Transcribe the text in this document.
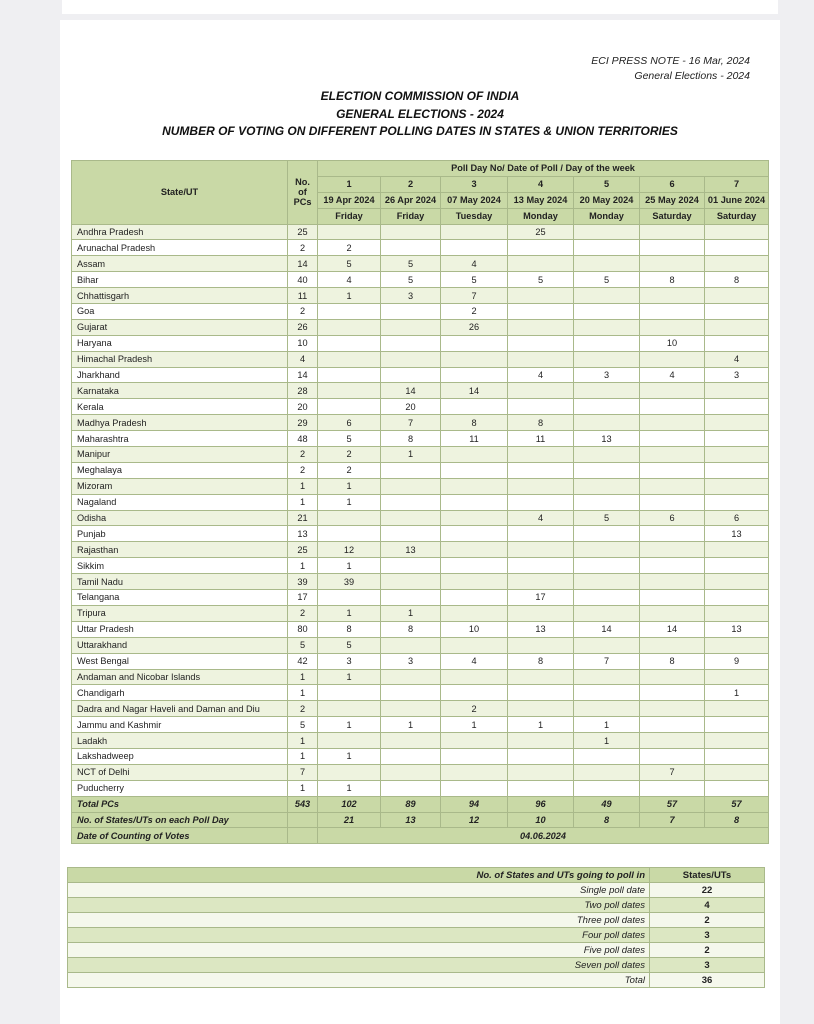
ECI PRESS NOTE - 16 Mar, 2024
General Elections - 2024
ELECTION COMMISSION OF INDIA
GENERAL ELECTIONS - 2024
NUMBER OF VOTING ON DIFFERENT POLLING DATES IN STATES & UNION TERRITORIES
State/UT	No.
of
PCs	Poll Day No/ Date of Poll / Day of the week						
		1	2	3	4	5	6	7
		19 Apr 2024	26 Apr 2024	07 May 2024	13 May 2024	20 May 2024	25 May 2024	01 June 2024
		Friday	Friday	Tuesday	Monday	Monday	Saturday	Saturday
Andhra Pradesh	25				25			
Arunachal Pradesh	2	2						
Assam	14	5	5	4				
Bihar	40	4	5	5	5	5	8	8
Chhattisgarh	11	1	3	7				
Goa	2			2				
Gujarat	26			26				
Haryana	10						10	
Himachal Pradesh	4							4
Jharkhand	14				4	3	4	3
Karnataka	28		14	14				
Kerala	20		20					
Madhya Pradesh	29	6	7	8	8			
Maharashtra	48	5	8	11	11	13		
Manipur	2	2	1					
Meghalaya	2	2						
Mizoram	1	1						
Nagaland	1	1						
Odisha	21				4	5	6	6
Punjab	13							13
Rajasthan	25	12	13					
Sikkim	1	1						
Tamil Nadu	39	39						
Telangana	17				17			
Tripura	2	1	1					
Uttar Pradesh	80	8	8	10	13	14	14	13
Uttarakhand	5	5						
West Bengal	42	3	3	4	8	7	8	9
Andaman and Nicobar Islands	1	1						
Chandigarh	1							1
Dadra and Nagar Haveli and Daman and Diu	2			2				
Jammu and Kashmir	5	1	1	1	1	1		
Ladakh	1					1		
Lakshadweep	1	1						
NCT of Delhi	7						7	
Puducherry	1	1						
Total PCs	543	102	89	94	96	49	57	57
No. of States/UTs on each Poll Day		21	13	12	10	8	7	8
Date of Counting of Votes		04.06.2024						
No. of States and UTs going to poll in	States/UTs
Single poll date	22
Two poll dates	4
Three poll dates	2
Four poll dates	3
Five poll dates	2
Seven poll dates	3
Total	36
